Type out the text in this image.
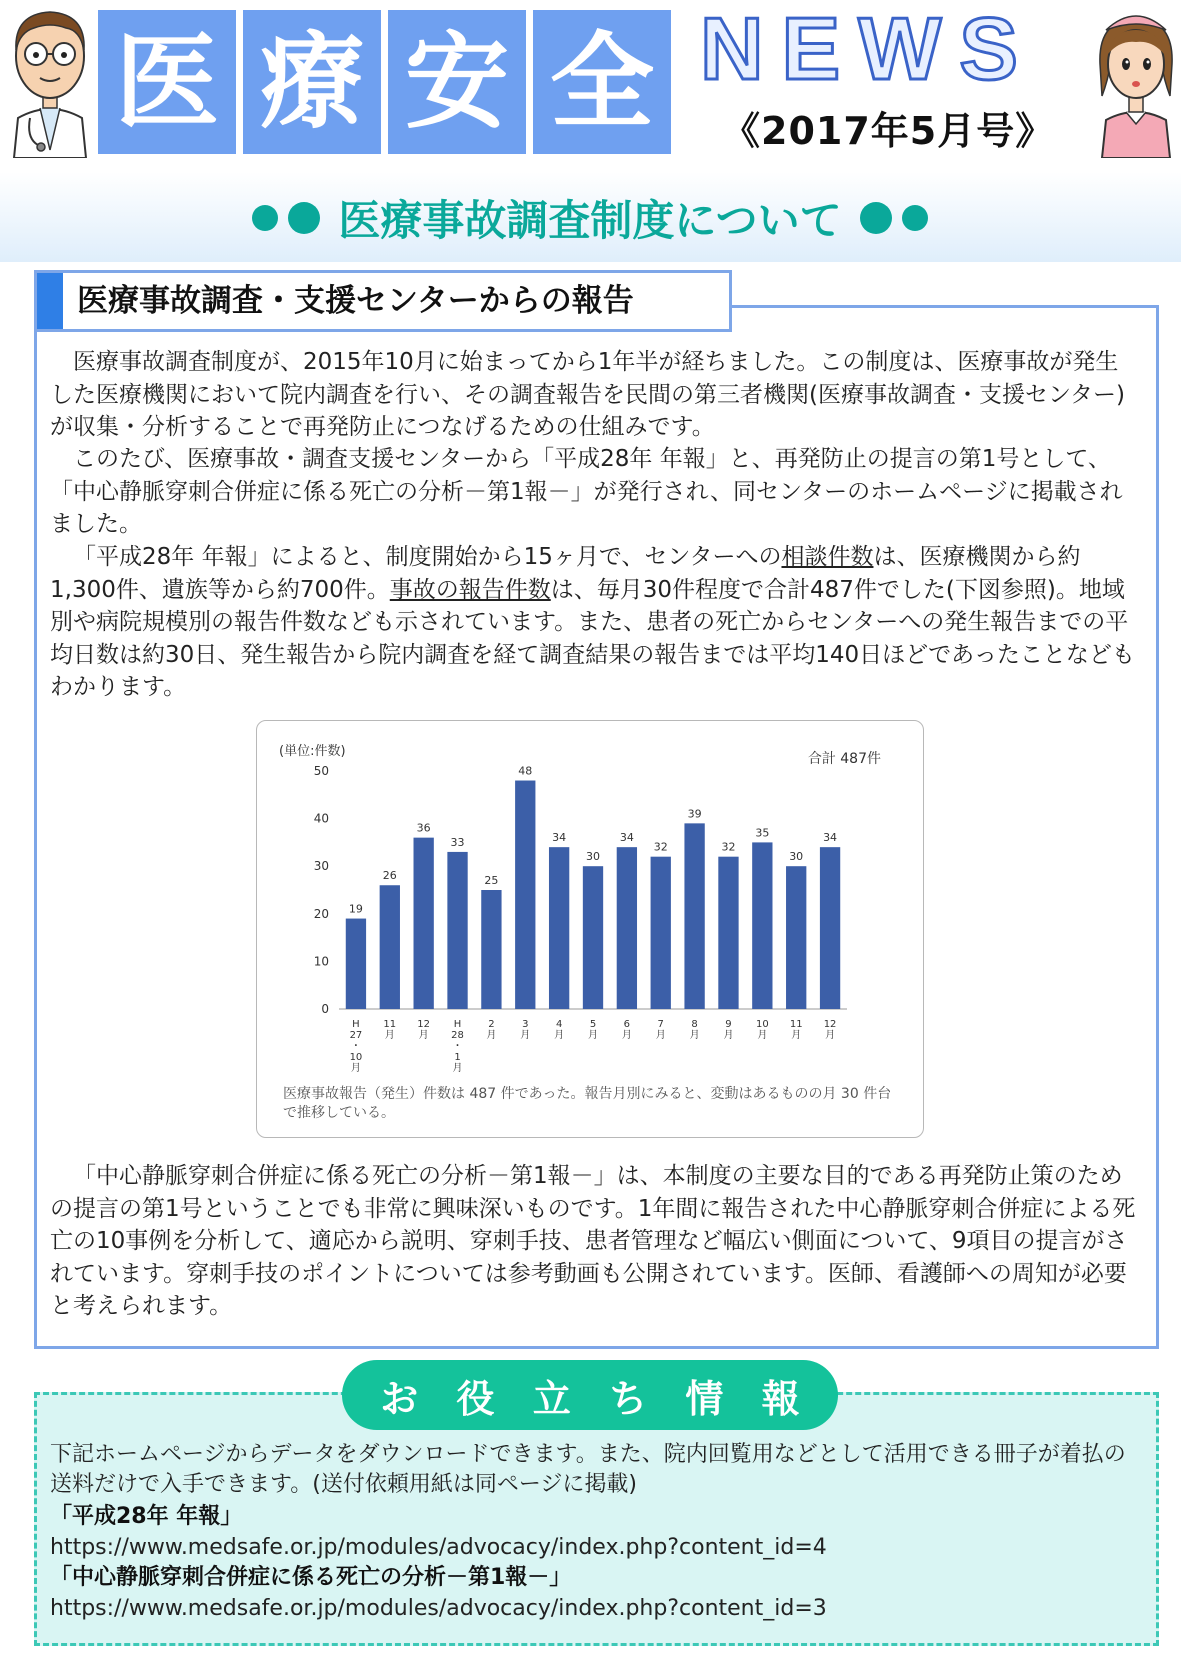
医 療 安 全 NEWS
《2017年5月号》
医療事故調査制度について
医療事故調査・支援センターからの報告

医療事故調査制度が、2015年10月に始まってから1年半が経ちました。この制度は、医療事故が発生した医療機関において院内調査を行い、その調査報告を民間の第三者機関(医療事故調査・支援センター)が収集・分析することで再発防止につなげるための仕組みです。

このたび、医療事故・調査支援センターから「平成28年 年報」と、再発防止の提言の第1号として、「中心静脈穿刺合併症に係る死亡の分析－第1報－」が発行され、同センターのホームページに掲載されました。

「平成28年 年報」によると、制度開始から15ヶ月で、センターへの相談件数は、医療機関から約1,300件、遺族等から約700件。事故の報告件数は、毎月30件程度で合計487件でした(下図参照)。地域別や病院規模別の報告件数なども示されています。また、患者の死亡からセンターへの発生報告までの平均日数は約30日、発生報告から院内調査を経て調査結果の報告までは平均140日ほどであったことなどもわかります。

(単位:件数)	合計 487件
0
10
20
30
40
50
19
H
27
・
10
月
26
11
月
36
12
月
33
H
28
・
1
月
25
2
月
48
3
月
34
4
月
30
5
月
34
6
月
32
7
月
39
8
月
32
9
月
35
10
月
30
11
月
34
12
月
医療事故報告（発生）件数は 487 件であった。報告月別にみると、変動はあるものの月 30 件台で推移している。

「中心静脈穿刺合併症に係る死亡の分析－第1報－」は、本制度の主要な目的である再発防止策のための提言の第1号ということでも非常に興味深いものです。1年間に報告された中心静脈穿刺合併症による死亡の10事例を分析して、適応から説明、穿刺手技、患者管理など幅広い側面について、9項目の提言がされています。穿刺手技のポイントについては参考動画も公開されています。医師、看護師への周知が必要と考えられます。

お 役 立 ち 情 報

下記ホームページからデータをダウンロードできます。また、院内回覧用などとして活用できる冊子が着払の送料だけで入手できます。(送付依頼用紙は同ページに掲載)

「平成28年 年報」
https://www.medsafe.or.jp/modules/advocacy/index.php?content_id=4
「中心静脈穿刺合併症に係る死亡の分析－第1報－」
https://www.medsafe.or.jp/modules/advocacy/index.php?content_id=3
